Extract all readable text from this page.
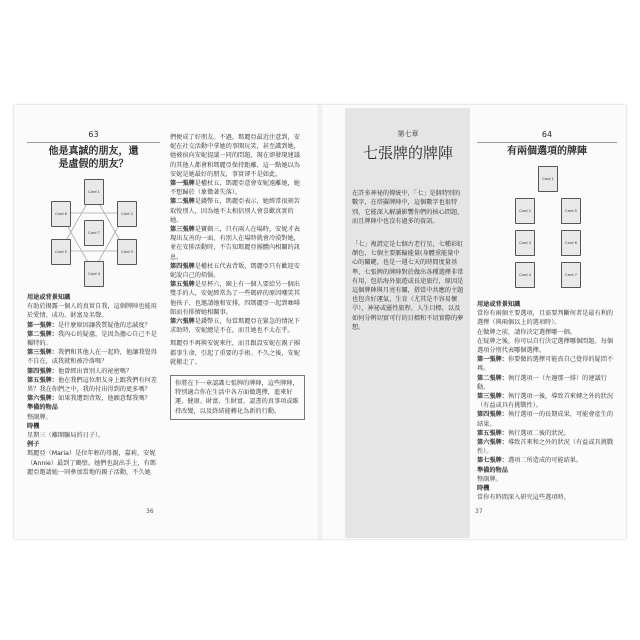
63
他是真誠的朋友，還
是虛假的朋友？
Card 1
Card 2
Card 3
Card 4
Card 5
Card 6
Card 7

用途或背景知識

有助於揭露一個人的真實自我，這個牌陣也能用於愛情、成功、財富及名聲。

第一張牌：是什麼原因讓我質疑他的忠誠度？

第二張牌：我內心的疑慮，是因為擔心自己不是獨特的。

第三張牌：我們和其他人在一起時，他讓我覺得不自在，或我就和被冷落嗎？

第四張牌：他曾經出賣別人的祕密嗎？

第五張牌：他在我們這位朋友身上跟我們有何差異？我在你們之中，我的付出得到的更多嗎？

第六張牌：如果我遭到背叛，他願意幫我嗎？

準備的物品

整副牌。

時機

星期三（離開驅局的日子）。

例子

瑪麗亞（Maria）是位年輕的母親，嘉莉，安妮（Annie）最到了鶴壁。她們也說出手上，有瑪麗亞邀請她一同參加當地的親子活動，不久她

們便成了好朋友。不過，瑪麗亞最近注意到，安妮在社交活動中拿她的事開玩笑，甚至識到她，她被宿向安妮提議一同的問題，現在卻發現建議的其他人都會和瑪麗亞保持距離，這一點她以為安妮是她最好的朋友，事實卻不是如此。

第一張牌是權杖五，瑪麗亞意會安妮遠離她，她不想歸於（象徵著失落）。

第二張牌是錢幣五，瑪麗亞表示，她經常很刻苦取悅別人，因為她不太相信別人會喜歡真實的她。

第三張牌是寶劍三，只有兩人在場時，安妮才表現出友善的一面，有別人在場時就會冷漠對她，並在安排活動時，不告知瑪麗亞團體內相關的訊息。

第四張牌是權杖五代表背叛，瑪麗亞只有歡迎安妮說自己的煩惱。

第五張牌是星杯六，園上有一個人要給另一個出雙手的人，安妮經常為了一些碼碎的原因嘲笑其他孩子、也邀請她和安排，四瑪麗亞一起到咖啡館而有排擠她相關事。

第六張牌是錢幣五，每當瑪麗亞在緊急的情況下求助時，安妮總是不在，而且她也不太在乎。

瑪麗亞不再與安妮來往，而且跟設安妮在親子團都事生命，引起了重要的手術。不久之後，安妮就搬走了。

你將在下一章認識七張牌的牌陣，這些牌陣，特別適合你在生活中各方面做選擇，進來好運、健康、財富、生財富，認書的真事項或維持改變，以及終結能轉化為新的行動。

36
第七章
七張牌的牌陣

在許多神祕的傳統中，「七」是個特別的數字，在塔羅牌陣中，這個數字也很特別，它能深入解讀影響你們的核心問題，而且牌陣中也沒有過多的資訊。

「七」複證定是七個古老行星，七種彩虹顏色，七個主要脈輪能量(身體重能量中心的關鍵，也是一週七天的時間度量基準，七張牌的牌陣對於做出各種選擇非常有用，包括海外旅遊或長途旅行，原因是這個牌陣與月亮有關，搭當中共應的主題也包含好運氣、生育（尤其是不容易懷孕），神祕或靈性旅程、人生目標，以及如何分辨切實可行的目標和不切實際的夢想。

64
有兩個選項的牌陣
Card 1
Card 2
Card 3
Card 4
Card 5
Card 6
Card 7

用途或背景知識

當你有兩個主要選項，且需要判斷何者是最有利的選擇（與兩個以上的選項時）。

在做牌之前，請你決定選擇哪一個。

在疑牌之後，你可以自行決定選擇哪個問題。每個選項分別代表哪個選擇。

第一張牌：你要做的選擇可能真自己覺得的疑問不再。

第二張牌：執行選項一（左邊那一排）的建議行動。

第三張牌：執行選項一後，導致首來轉之外的狀況（有益或具有挑戰性）。

第四張牌：執行選項一的長期成果，可能會產生的結果。

第五張牌：執行選項二後的狀況。

第六張牌：導致首來和之外的狀況（有益或具挑戰性）。

第七張牌：選項二所造成的可能結果。

準備的物品

整副牌。

時機

當你有時間深入研究這些選項時。

37
